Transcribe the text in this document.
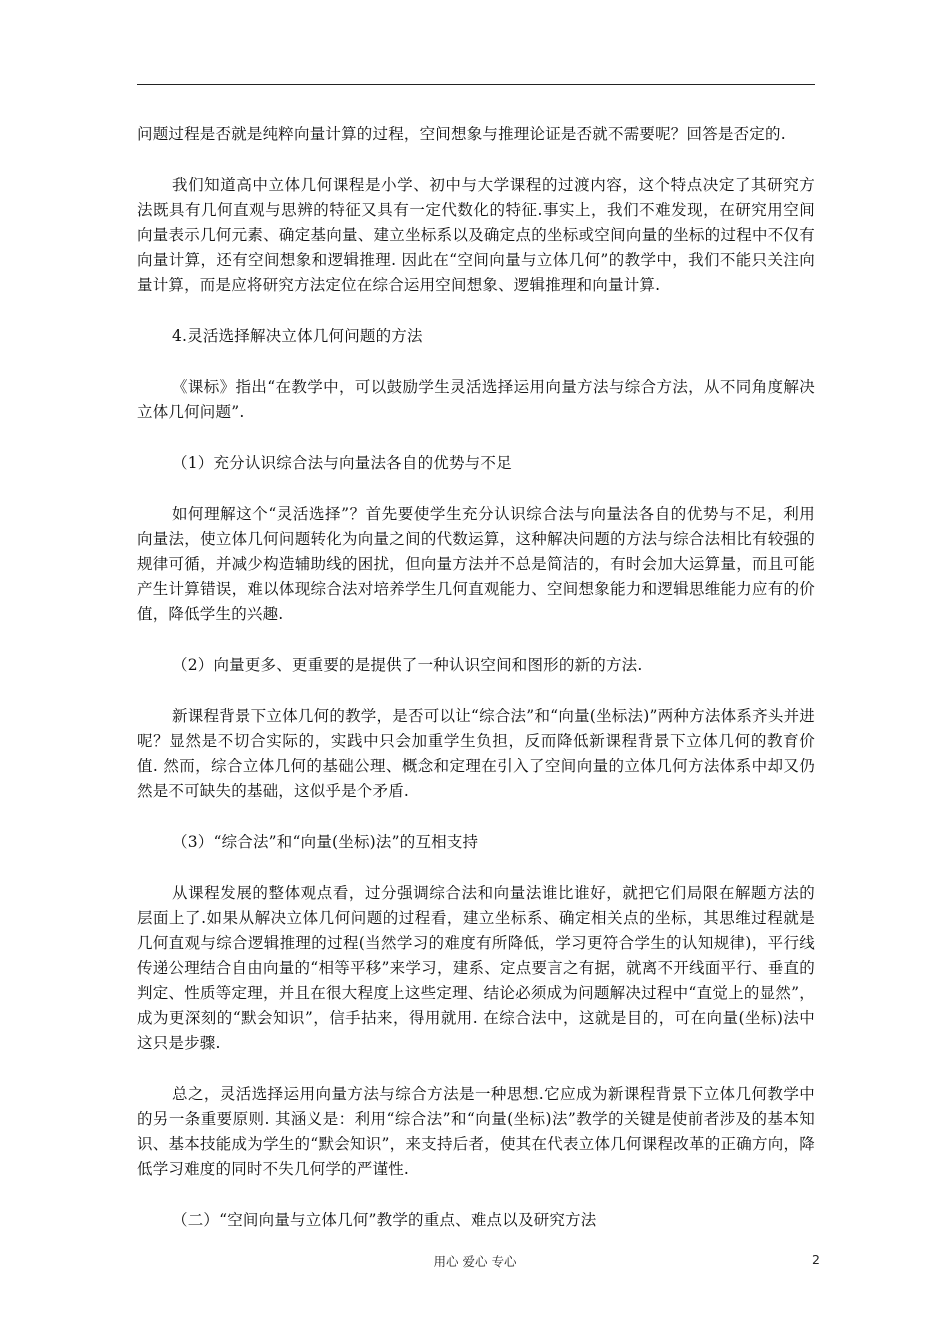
问题过程是否就是纯粹向量计算的过程，空间想象与推理论证是否就不需要呢？回答是否定的.

我们知道高中立体几何课程是小学、初中与大学课程的过渡内容，这个特点决定了其研究方法既具有几何直观与思辨的特征又具有一定代数化的特征.事实上，我们不难发现，在研究用空间向量表示几何元素、确定基向量、建立坐标系以及确定点的坐标或空间向量的坐标的过程中不仅有向量计算，还有空间想象和逻辑推理. 因此在“空间向量与立体几何”的教学中，我们不能只关注向量计算，而是应将研究方法定位在综合运用空间想象、逻辑推理和向量计算.

4.灵活选择解决立体几何问题的方法

《课标》指出“在教学中，可以鼓励学生灵活选择运用向量方法与综合方法，从不同角度解决立体几何问题”.

（1）充分认识综合法与向量法各自的优势与不足

如何理解这个“灵活选择”？首先要使学生充分认识综合法与向量法各自的优势与不足，利用向量法，使立体几何问题转化为向量之间的代数运算，这种解决问题的方法与综合法相比有较强的规律可循，并减少构造辅助线的困扰，但向量方法并不总是简洁的，有时会加大运算量，而且可能产生计算错误，难以体现综合法对培养学生几何直观能力、空间想象能力和逻辑思维能力应有的价值，降低学生的兴趣.

（2）向量更多、更重要的是提供了一种认识空间和图形的新的方法.

新课程背景下立体几何的教学，是否可以让“综合法”和“向量(坐标法)”两种方法体系齐头并进呢？显然是不切合实际的，实践中只会加重学生负担，反而降低新课程背景下立体几何的教育价值. 然而，综合立体几何的基础公理、概念和定理在引入了空间向量的立体几何方法体系中却又仍然是不可缺失的基础，这似乎是个矛盾.

（3）“综合法”和“向量(坐标)法”的互相支持

从课程发展的整体观点看，过分强调综合法和向量法谁比谁好，就把它们局限在解题方法的层面上了.如果从解决立体几何问题的过程看，建立坐标系、确定相关点的坐标，其思维过程就是几何直观与综合逻辑推理的过程(当然学习的难度有所降低，学习更符合学生的认知规律)，平行线传递公理结合自由向量的“相等平移”来学习，建系、定点要言之有据，就离不开线面平行、垂直的判定、性质等定理，并且在很大程度上这些定理、结论必须成为问题解决过程中“直觉上的显然”，成为更深刻的“默会知识”，信手拈来，得用就用. 在综合法中，这就是目的，可在向量(坐标)法中这只是步骤.

总之，灵活选择运用向量方法与综合方法是一种思想.它应成为新课程背景下立体几何教学中的另一条重要原则. 其涵义是：利用“综合法”和“向量(坐标)法”教学的关键是使前者涉及的基本知识、基本技能成为学生的“默会知识”，来支持后者，使其在代表立体几何课程改革的正确方向，降低学习难度的同时不失几何学的严谨性.

（二）“空间向量与立体几何”教学的重点、难点以及研究方法

用心 爱心 专心	2
